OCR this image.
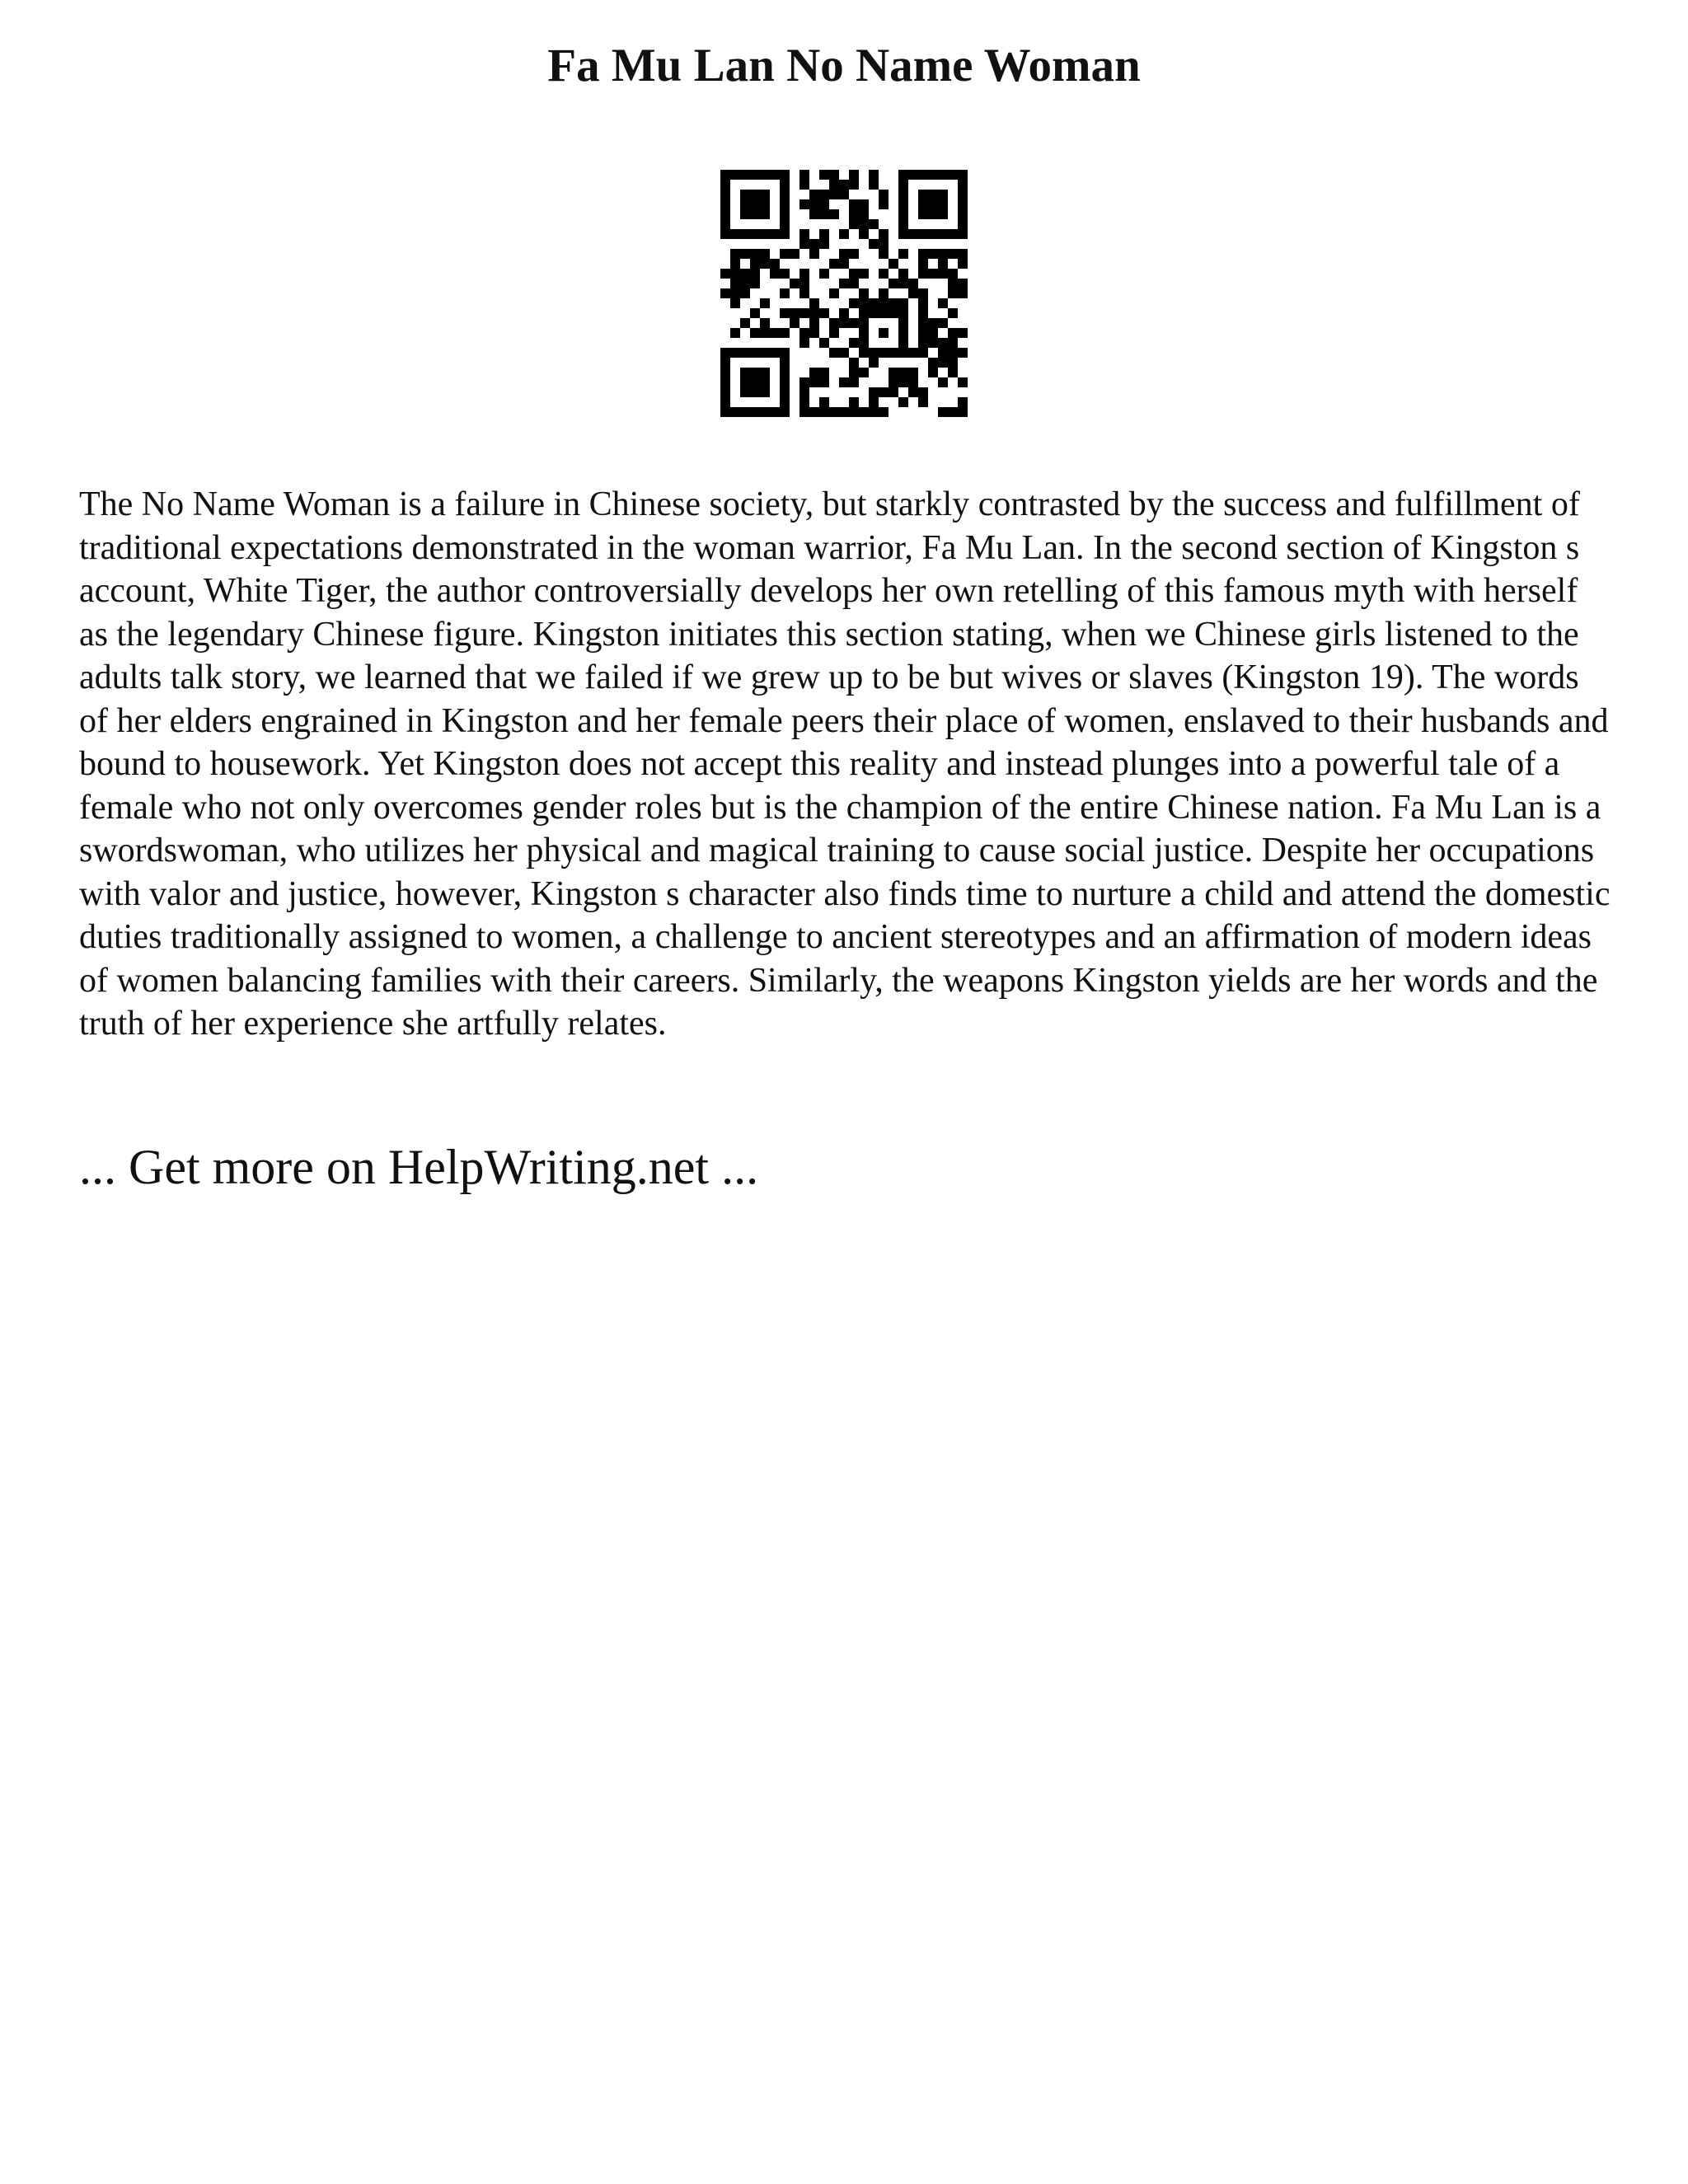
Fa Mu Lan No Name Woman

The No Name Woman is a failure in Chinese society, but starkly contrasted by the success and fulfillment of traditional expectations demonstrated in the woman warrior, Fa Mu Lan. In the second section of Kingston s account, White Tiger, the author controversially develops her own retelling of this famous myth with herself as the legendary Chinese figure. Kingston initiates this section stating, when we Chinese girls listened to the adults talk story, we learned that we failed if we grew up to be but wives or slaves (Kingston 19). The words of her elders engrained in Kingston and her female peers their place of women, enslaved to their husbands and bound to housework. Yet Kingston does not accept this reality and instead plunges into a powerful tale of a female who not only overcomes gender roles but is the champion of the entire Chinese nation. Fa Mu Lan is a swordswoman, who utilizes her physical and magical training to cause social justice. Despite her occupations with valor and justice, however, Kingston s character also finds time to nurture a child and attend the domestic duties traditionally assigned to women, a challenge to ancient stereotypes and an affirmation of modern ideas of women balancing families with their careers. Similarly, the weapons Kingston yields are her words and the truth of her experience she artfully relates.

... Get more on HelpWriting.net ...
